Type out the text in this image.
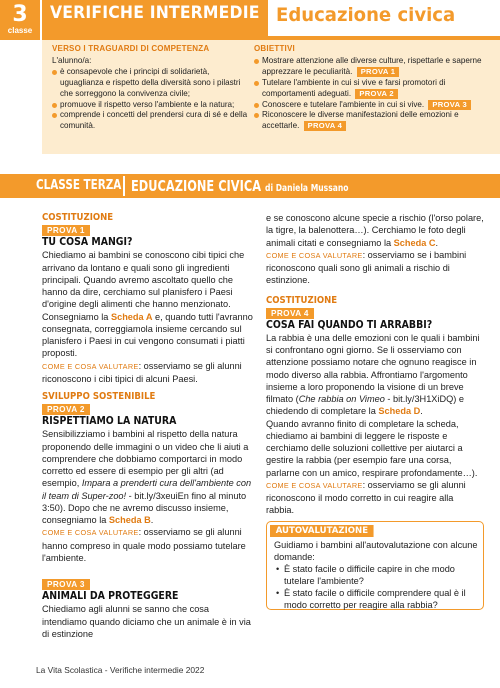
3
classe
VERIFICHE INTERMEDIE Educazione civica
VERSO I TRAGUARDI DI COMPETENZA

L'alunno/a:

è consapevole che i principi di solidarietà, uguaglianza e rispetto della diversità sono i pilastri che sorreggono la convivenza civile;
promuove il rispetto verso l'ambiente e la natura;
comprende i concetti del prendersi cura di sé e della comunità.
OBIETTIVI
Mostrare attenzione alle diverse culture, rispettarle e saperne apprezzare le peculiarità. PROVA 1
Tutelare l'ambiente in cui si vive e farsi promotori di comportamenti adeguati. PROVA 2
Conoscere e tutelare l'ambiente in cui si vive. PROVA 3
Riconoscere le diverse manifestazioni delle emozioni e accettarle. PROVA 4
CLASSE TERZA EDUCAZIONE CIVICA di Daniela Mussano
COSTITUZIONE
PROVA 1
TU COSA MANGI?

Chiediamo ai bambini se conoscono cibi tipici che arrivano da lontano e quali sono gli ingredienti principali. Quando avremo ascoltato quello che hanno da dire, cerchiamo sul planisfero i Paesi d'origine degli alimenti che hanno menzionato. Consegniamo la Scheda A e, quando tutti l'avranno consegnata, correggiamola insieme cercando sul planisfero i Paesi in cui vengono consumati i piatti proposti.

COME E COSA VALUTARE: osserviamo se gli alunni riconoscono i cibi tipici di alcuni Paesi.

SVILUPPO SOSTENIBILE
PROVA 2
RISPETTIAMO LA NATURA

Sensibilizziamo i bambini al rispetto della natura proponendo delle immagini o un video che li aiuti a comprendere che dobbiamo comportarci in modo corretto ed essere di esempio per gli altri (ad esempio, Impara a prenderti cura dell'ambiente con il team di Super-zoo! - bit.ly/3xeuiEn fino al minuto 3:50). Dopo che ne avremo discusso insieme, consegniamo la Scheda B.

COME E COSA VALUTARE: osserviamo se gli alunni hanno compreso in quale modo possiamo tutelare l'ambiente.

PROVA 3
ANIMALI DA PROTEGGERE

Chiediamo agli alunni se sanno che cosa intendiamo quando diciamo che un animale è in via di estinzione

e se conoscono alcune specie a rischio (l'orso polare, la tigre, la balenottera…). Cerchiamo le foto degli animali citati e consegniamo la Scheda C.

COME E COSA VALUTARE: osserviamo se i bambini riconoscono quali sono gli animali a rischio di estinzione.

COSTITUZIONE
PROVA 4
COSA FAI QUANDO TI ARRABBI?

La rabbia è una delle emozioni con le quali i bambini si confrontano ogni giorno. Se li osserviamo con attenzione possiamo notare che ognuno reagisce in modo diverso alla rabbia. Affrontiamo l'argomento insieme a loro proponendo la visione di un breve filmato (Che rabbia on Vimeo - bit.ly/3H1XiDQ) e chiedendo di completare la Scheda D.

Quando avranno finito di completare la scheda, chiediamo ai bambini di leggere le risposte e cerchiamo delle soluzioni collettive per aiutarci a gestire la rabbia (per esempio fare una corsa, parlarne con un amico, respirare profondamente…).

COME E COSA VALUTARE: osserviamo se gli alunni riconoscono il modo corretto in cui reagire alla rabbia.

AUTOVALUTAZIONE

Guidiamo i bambini all'autovalutazione con alcune domande:

• È stato facile o difficile capire in che modo tutelare l'ambiente?
• È stato facile o difficile comprendere qual è il modo corretto per reagire alla rabbia?
La Vita Scolastica - Verifiche intermedie 2022
